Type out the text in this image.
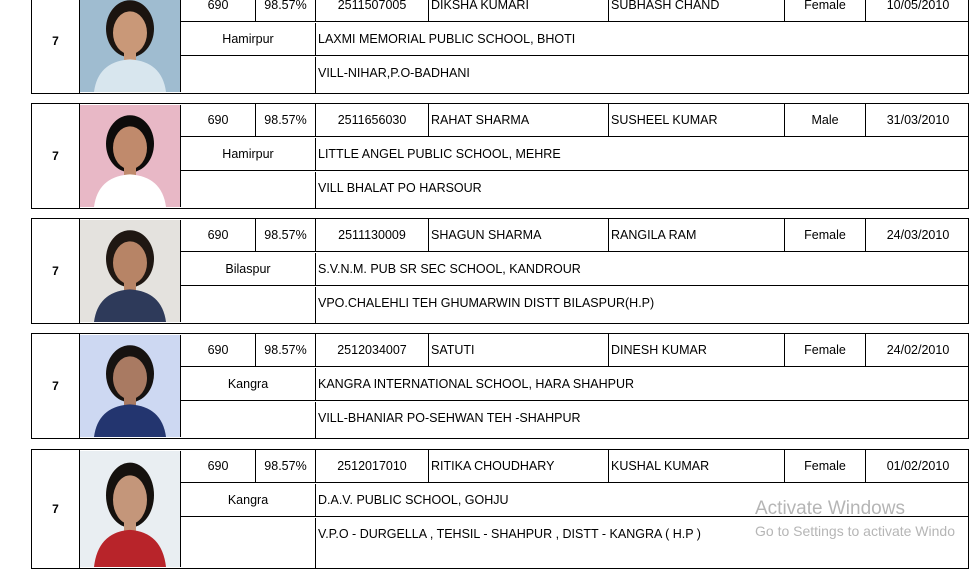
7
690	98.57%	2511507005	DIKSHA KUMARI	SUBHASH CHAND	Female	10/05/2010
Hamirpur	LAXMI MEMORIAL PUBLIC SCHOOL, BHOTI
VILL-NIHAR,P.O-BADHANI
7
690	98.57%	2511656030	RAHAT SHARMA	SUSHEEL KUMAR	Male	31/03/2010
Hamirpur	LITTLE ANGEL PUBLIC SCHOOL, MEHRE
VILL BHALAT PO HARSOUR
7
690	98.57%	2511130009	SHAGUN SHARMA	RANGILA RAM	Female	24/03/2010
Bilaspur	S.V.N.M. PUB SR SEC SCHOOL, KANDROUR
VPO.CHALEHLI TEH GHUMARWIN DISTT BILASPUR(H.P)
7
690	98.57%	2512034007	SATUTI	DINESH KUMAR	Female	24/02/2010
Kangra	KANGRA INTERNATIONAL SCHOOL, HARA SHAHPUR
VILL-BHANIAR PO-SEHWAN TEH -SHAHPUR
7
690	98.57%	2512017010	RITIKA CHOUDHARY	KUSHAL KUMAR	Female	01/02/2010
Kangra	D.A.V. PUBLIC SCHOOL, GOHJU
V.P.O - DURGELLA , TEHSIL - SHAHPUR , DISTT - KANGRA ( H.P )
Activate Windows
Go to Settings to activate Windo
